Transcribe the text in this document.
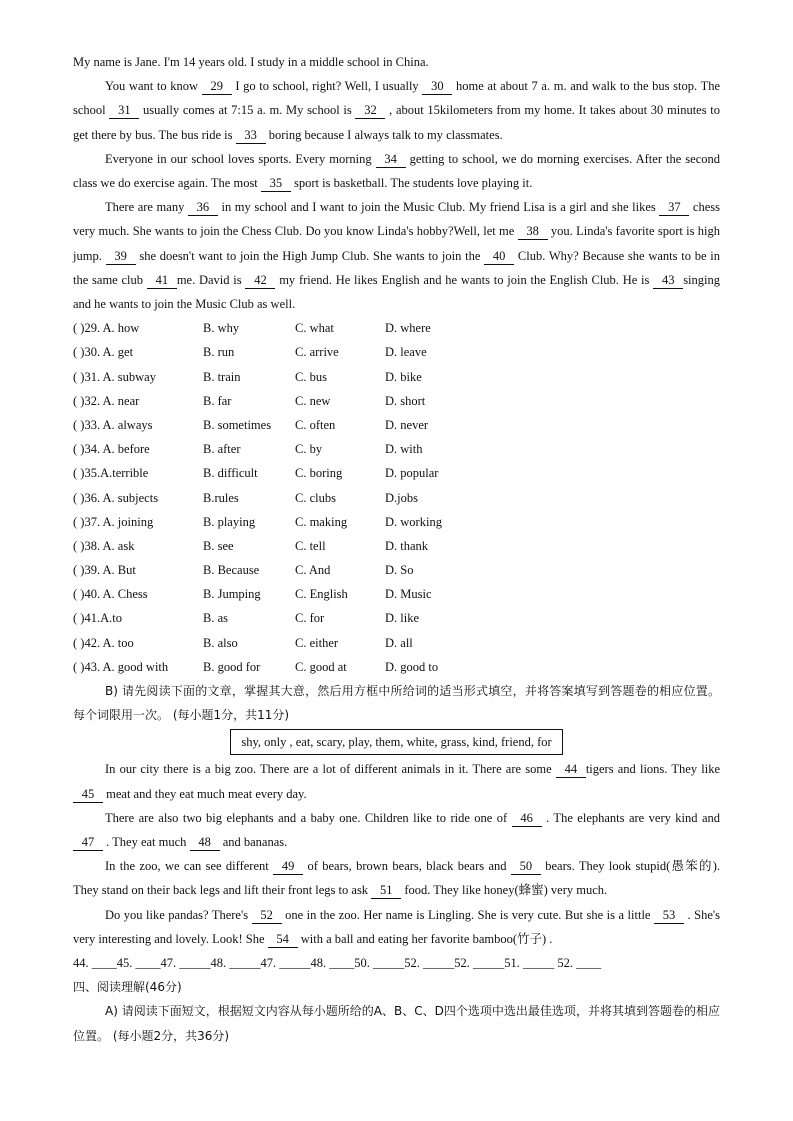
My name is Jane. I'm 14 years old. I study in a middle school in China.

You want to know 29 I go to school, right? Well, I usually 30 home at about 7 a. m. and walk to the bus stop. The school 31 usually comes at 7:15 a. m. My school is 32 , about 15kilometers from my home. It takes about 30 minutes to get there by bus. The bus ride is 33 boring because I always talk to my classmates.

Everyone in our school loves sports. Every morning 34 getting to school, we do morning exercises. After the second class we do exercise again. The most 35 sport is basketball. The students love playing it.

There are many 36 in my school and I want to join the Music Club. My friend Lisa is a girl and she likes 37 chess very much. She wants to join the Chess Club. Do you know Linda's hobby?Well, let me 38 you. Linda's favorite sport is high jump. 39 she doesn't want to join the High Jump Club. She wants to join the 40 Club. Why? Because she wants to be in the same club 41 me. David is 42 my friend. He likes English and he wants to join the English Club. He is 43 singing and he wants to join the Music Club as well.

( )29. A. how	B. why	C. what	D. where
( )30. A. get	B. run	C. arrive	D. leave
( )31. A. subway	B. train	C. bus	D. bike
( )32. A. near	B. far	C. new	D. short
( )33. A. always	B. sometimes C. often	D. never
( )34. A. before	B. after	C. by	D. with
( )35.A.terrible	B. difficult	C. boring	D. popular
( )36. A. subjects	B.rules	C. clubs	D.jobs
( )37. A. joining	B. playing	C. making	D. working
( )38. A. ask	B. see	C. tell	D. thank
( )39. A. But	B. Because	C. And	D. So
( )40. A. Chess	B. Jumping	C. English	D. Music
( )41.A.to	B. as	C. for	D. like
( )42. A. too	B. also	C. either	D. all
( )43. A. good with	B. good for	C. good at	D. good to

B) 请先阅读下面的文章，掌握其大意，然后用方框中所给词的适当形式填空，并将答案填写到答题卷的相应位置。每个词限用一次。 (每小题1分，共11分)

shy, only , eat, scary, play, them, white, grass, kind, friend, for

In our city there is a big zoo. There are a lot of different animals in it. There are some 44 tigers and lions. They like 45 meat and they eat much meat every day.

There are also two big elephants and a baby one. Children like to ride one of 46 . The elephants are very kind and 47 . They eat much 48 and bananas.

In the zoo, we can see different 49 of bears, brown bears, black bears and 50 bears. They look stupid(愚笨的). They stand on their back legs and lift their front legs to ask 51 food. They like honey(蜂蜜) very much.

Do you like pandas? There's 52 one in the zoo. Her name is Lingling. She is very cute. But she is a little 53 . She's very interesting and lovely. Look! She 54 with a ball and eating her favorite bamboo(竹子) .

44. ____45. ____47. _____48. _____47. _____48. ____50. _____52. _____52. _____51. _____ 52. ____
四、阅读理解(46分)

A) 请阅读下面短文，根据短文内容从每小题所给的A、B、C、D四个选项中选出最佳选项，并将其填到答题卷的相应位置。 (每小题2分，共36分)
